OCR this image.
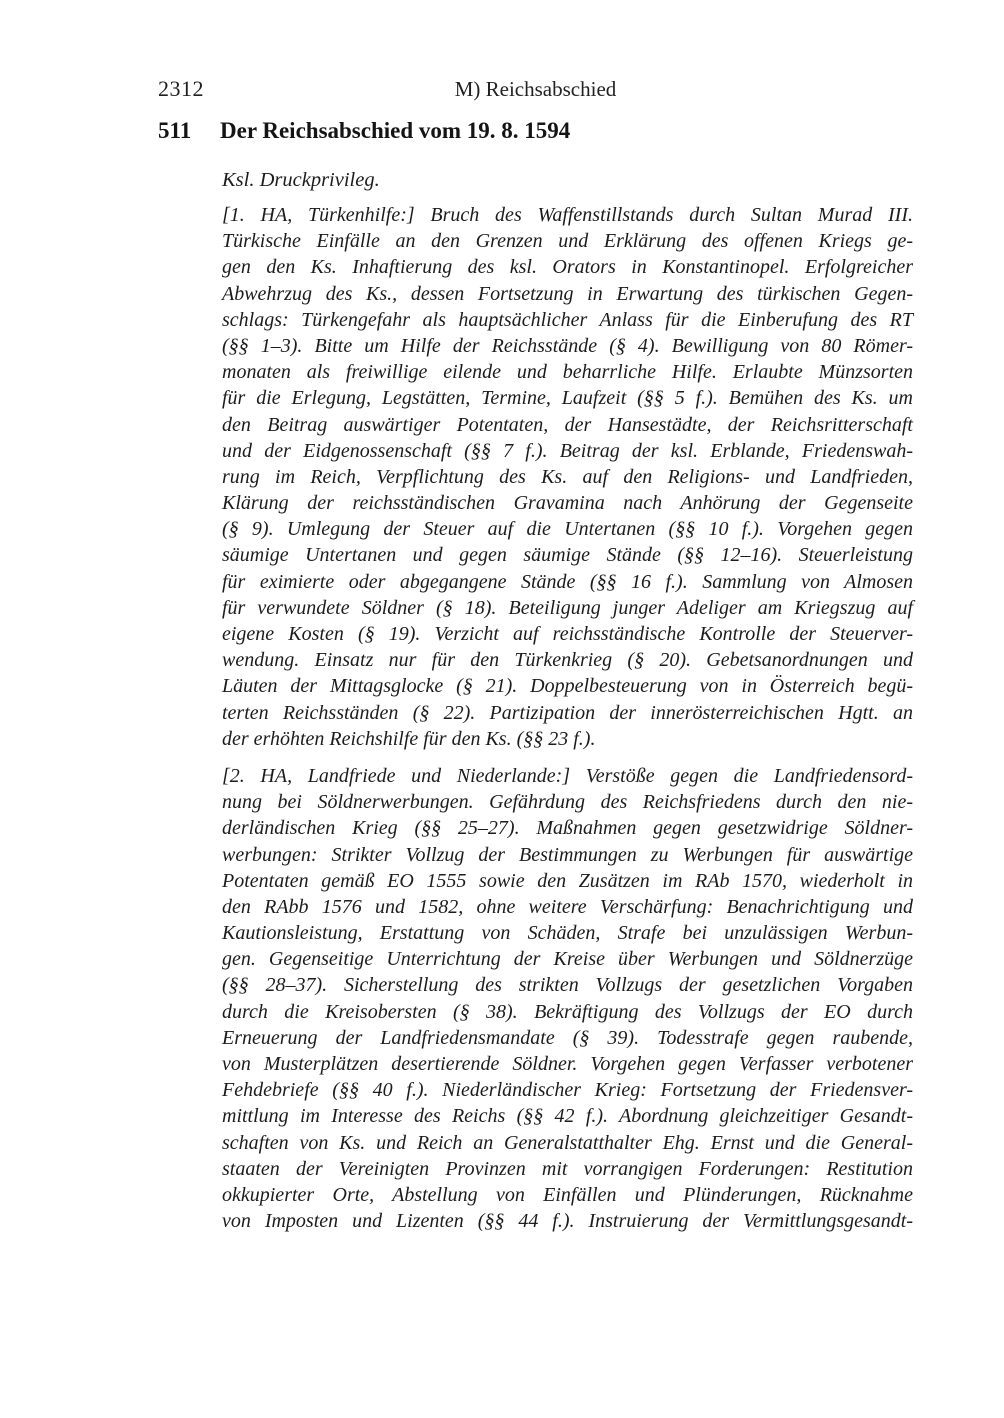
2312	M) Reichsabschied
511	Der Reichsabschied vom 19. 8. 1594
Ksl. Druckprivileg.
[1. HA, Türkenhilfe:] Bruch des Waffenstillstands durch Sultan Murad III.
Türkische Einfälle an den Grenzen und Erklärung des offenen Kriegs ge-
gen den Ks. Inhaftierung des ksl. Orators in Konstantinopel. Erfolgreicher
Abwehrzug des Ks., dessen Fortsetzung in Erwartung des türkischen Gegen-
schlags: Türkengefahr als hauptsächlicher Anlass für die Einberufung des RT
(§§ 1–3). Bitte um Hilfe der Reichsstände (§ 4). Bewilligung von 80 Römer-
monaten als freiwillige eilende und beharrliche Hilfe. Erlaubte Münzsorten
für die Erlegung, Legstätten, Termine, Laufzeit (§§ 5 f.). Bemühen des Ks. um
den Beitrag auswärtiger Potentaten, der Hansestädte, der Reichsritterschaft
und der Eidgenossenschaft (§§ 7 f.). Beitrag der ksl. Erblande, Friedenswah-
rung im Reich, Verpflichtung des Ks. auf den Religions- und Landfrieden,
Klärung der reichsständischen Gravamina nach Anhörung der Gegenseite
(§ 9). Umlegung der Steuer auf die Untertanen (§§ 10 f.). Vorgehen gegen
säumige Untertanen und gegen säumige Stände (§§ 12–16). Steuerleistung
für eximierte oder abgegangene Stände (§§ 16 f.). Sammlung von Almosen
für verwundete Söldner (§ 18). Beteiligung junger Adeliger am Kriegszug auf
eigene Kosten (§ 19). Verzicht auf reichsständische Kontrolle der Steuerver-
wendung. Einsatz nur für den Türkenkrieg (§ 20). Gebetsanordnungen und
Läuten der Mittagsglocke (§ 21). Doppelbesteuerung von in Österreich begü-
terten Reichsständen (§ 22). Partizipation der innerösterreichischen Hgtt. an
der erhöhten Reichshilfe für den Ks. (§§ 23 f.).
[2. HA, Landfriede und Niederlande:] Verstöße gegen die Landfriedensord-
nung bei Söldnerwerbungen. Gefährdung des Reichsfriedens durch den nie-
derländischen Krieg (§§ 25–27). Maßnahmen gegen gesetzwidrige Söldner-
werbungen: Strikter Vollzug der Bestimmungen zu Werbungen für auswärtige
Potentaten gemäß EO 1555 sowie den Zusätzen im RAb 1570, wiederholt in
den RAbb 1576 und 1582, ohne weitere Verschärfung: Benachrichtigung und
Kautionsleistung, Erstattung von Schäden, Strafe bei unzulässigen Werbun-
gen. Gegenseitige Unterrichtung der Kreise über Werbungen und Söldnerzüge
(§§ 28–37). Sicherstellung des strikten Vollzugs der gesetzlichen Vorgaben
durch die Kreisobersten (§ 38). Bekräftigung des Vollzugs der EO durch
Erneuerung der Landfriedensmandate (§ 39). Todesstrafe gegen raubende,
von Musterplätzen desertierende Söldner. Vorgehen gegen Verfasser verbotener
Fehdebriefe (§§ 40 f.). Niederländischer Krieg: Fortsetzung der Friedensver-
mittlung im Interesse des Reichs (§§ 42 f.). Abordnung gleichzeitiger Gesandt-
schaften von Ks. und Reich an Generalstatthalter Ehg. Ernst und die General-
staaten der Vereinigten Provinzen mit vorrangigen Forderungen: Restitution
okkupierter Orte, Abstellung von Einfällen und Plünderungen, Rücknahme
von Imposten und Lizenten (§§ 44 f.). Instruierung der Vermittlungsgesandt-
